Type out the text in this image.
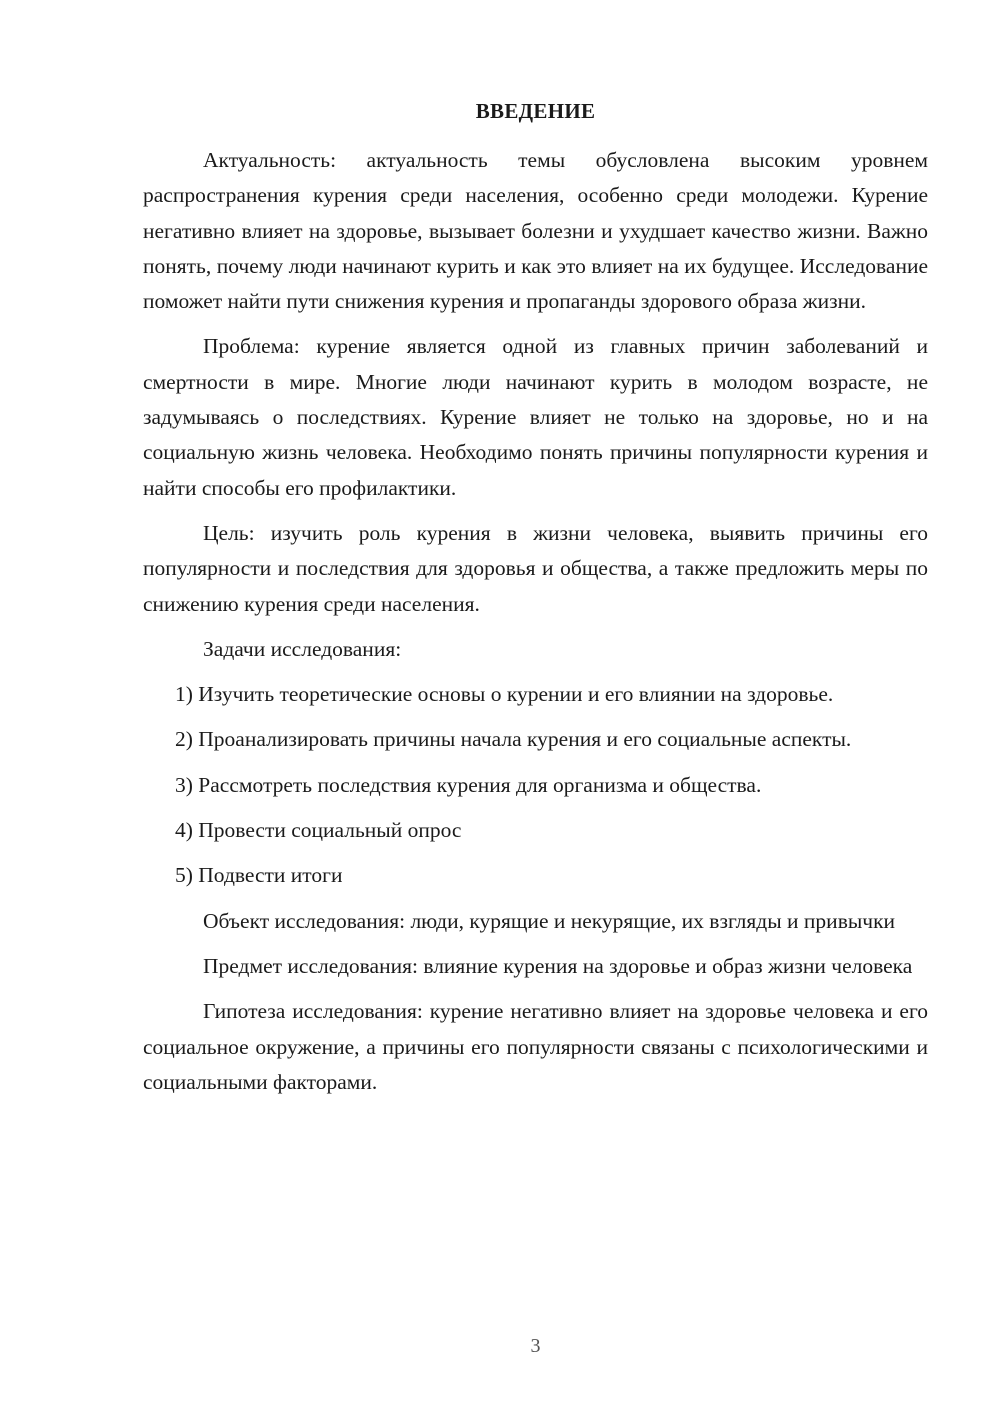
ВВЕДЕНИЕ

Актуальность: актуальность темы обусловлена высоким уровнем распространения курения среди населения, особенно среди молодежи. Курение негативно влияет на здоровье, вызывает болезни и ухудшает качество жизни. Важно понять, почему люди начинают курить и как это влияет на их будущее. Исследование поможет найти пути снижения курения и пропаганды здорового образа жизни.

Проблема: курение является одной из главных причин заболеваний и смертности в мире. Многие люди начинают курить в молодом возрасте, не задумываясь о последствиях. Курение влияет не только на здоровье, но и на социальную жизнь человека. Необходимо понять причины популярности курения и найти способы его профилактики.

Цель: изучить роль курения в жизни человека, выявить причины его популярности и последствия для здоровья и общества, а также предложить меры по снижению курения среди населения.

Задачи исследования:

1) Изучить теоретические основы о курении и его влиянии на здоровье.

2) Проанализировать причины начала курения и его социальные аспекты.

3) Рассмотреть последствия курения для организма и общества.

4) Провести социальный опрос

5) Подвести итоги

Объект исследования: люди, курящие и некурящие, их взгляды и привычки

Предмет исследования: влияние курения на здоровье и образ жизни человека

Гипотеза исследования: курение негативно влияет на здоровье человека и его социальное окружение, а причины его популярности связаны с психологическими и социальными факторами.

3
